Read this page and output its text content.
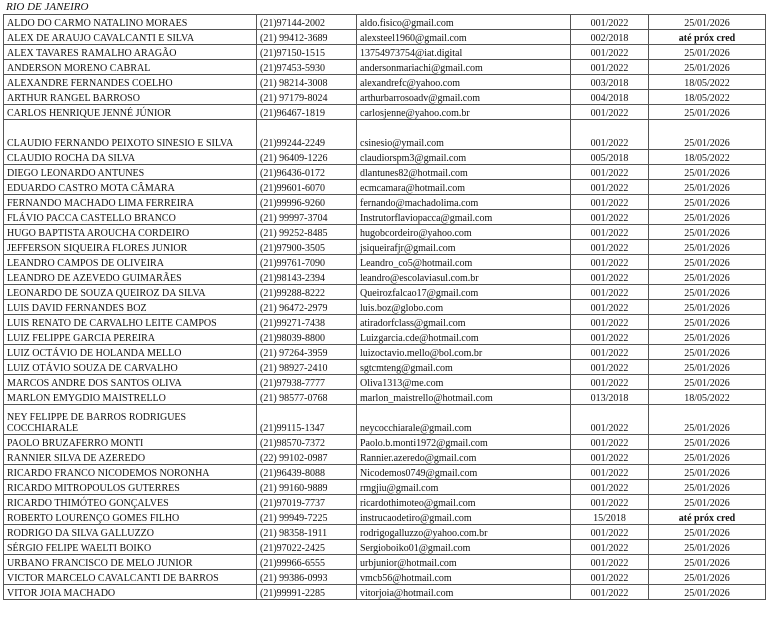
RIO DE JANEIRO
ALDO DO CARMO NATALINO MORAES	(21)97144-2002	aldo.fisico@gmail.com	001/2022	25/01/2026
ALEX DE ARAUJO CAVALCANTI E SILVA	(21) 99412-3689	alexsteel1960@gmail.com	002/2018	até próx cred
ALEX TAVARES RAMALHO ARAGÃO	(21)97150-1515	13754973754@iat.digital	001/2022	25/01/2026
ANDERSON MORENO CABRAL	(21)97453-5930	andersonmariachi@gmail.com	001/2022	25/01/2026
ALEXANDRE FERNANDES COELHO	(21) 98214-3008	alexandrefc@yahoo.com	003/2018	18/05/2022
ARTHUR RANGEL BARROSO	(21) 97179-8024	arthurbarrosoadv@gmail.com	004/2018	18/05/2022
CARLOS HENRIQUE JENNÉ JÚNIOR	(21)96467-1819	carlosjenne@yahoo.com.br	001/2022	25/01/2026
CLAUDIO FERNANDO PEIXOTO SINESIO E SILVA	(21)99244-2249	csinesio@ymail.com	001/2022	25/01/2026
CLAUDIO ROCHA DA SILVA	(21) 96409-1226	claudiorspm3@gmail.com	005/2018	18/05/2022
DIEGO LEONARDO ANTUNES	(21)96436-0172	dlantunes82@hotmail.com	001/2022	25/01/2026
EDUARDO CASTRO MOTA CÂMARA	(21)99601-6070	ecmcamara@hotmail.com	001/2022	25/01/2026
FERNANDO MACHADO LIMA FERREIRA	(21)99996-9260	fernando@machadolima.com	001/2022	25/01/2026
FLÁVIO PACCA CASTELLO BRANCO	(21) 99997-3704	Instrutorflaviopacca@gmail.com	001/2022	25/01/2026
HUGO BAPTISTA AROUCHA CORDEIRO	(21) 99252-8485	hugobcordeiro@yahoo.com	001/2022	25/01/2026
JEFFERSON SIQUEIRA FLORES JUNIOR	(21)97900-3505	jsiqueirafjr@gmail.com	001/2022	25/01/2026
LEANDRO CAMPOS DE OLIVEIRA	(21)99761-7090	Leandro_co5@hotmail.com	001/2022	25/01/2026
LEANDRO DE AZEVEDO GUIMARÃES	(21)98143-2394	leandro@escolaviasul.com.br	001/2022	25/01/2026
LEONARDO DE SOUZA QUEIROZ DA SILVA	(21)99288-8222	Queirozfalcao17@gmail.com	001/2022	25/01/2026
LUIS DAVID FERNANDES BOZ	(21) 96472-2979	luis.boz@globo.com	001/2022	25/01/2026
LUIS RENATO DE CARVALHO LEITE CAMPOS	(21)99271-7438	atiradorfclass@gmail.com	001/2022	25/01/2026
LUIZ FELIPPE GARCIA PEREIRA	(21)98039-8800	Luizgarcia.cde@hotmail.com	001/2022	25/01/2026
LUIZ OCTÁVIO DE HOLANDA MELLO	(21) 97264-3959	luizoctavio.mello@bol.com.br	001/2022	25/01/2026
LUIZ OTÁVIO SOUZA DE CARVALHO	(21) 98927-2410	sgtcmteng@gmail.com	001/2022	25/01/2026
MARCOS ANDRE DOS SANTOS OLIVA	(21)97938-7777	Oliva1313@me.com	001/2022	25/01/2026
MARLON EMYGDIO MAISTRELLO	(21) 98577-0768	marlon_maistrello@hotmail.com	013/2018	18/05/2022
NEY FELIPPE DE BARROS RODRIGUES COCCHIARALE	(21)99115-1347	neycocchiarale@gmail.com	001/2022	25/01/2026
PAOLO BRUZAFERRO MONTI	(21)98570-7372	Paolo.b.monti1972@gmail.com	001/2022	25/01/2026
RANNIER SILVA DE AZEREDO	(22) 99102-0987	Rannier.azeredo@gmail.com	001/2022	25/01/2026
RICARDO FRANCO NICODEMOS NORONHA	(21)96439-8088	Nicodemos0749@gmail.com	001/2022	25/01/2026
RICARDO MITROPOULOS GUTERRES	(21) 99160-9889	rmgjiu@gmail.com	001/2022	25/01/2026
RICARDO THIMÓTEO GONÇALVES	(21)97019-7737	ricardothimoteo@gmail.com	001/2022	25/01/2026
ROBERTO LOURENÇO GOMES FILHO	(21) 99949-7225	instrucaodetiro@gmail.com	15/2018	até próx cred
RODRIGO DA SILVA GALLUZZO	(21) 98358-1911	rodrigogalluzzo@yahoo.com.br	001/2022	25/01/2026
SÉRGIO FELIPE WAELTI BOIKO	(21)97022-2425	Sergioboiko01@gmail.com	001/2022	25/01/2026
URBANO FRANCISCO DE MELO JUNIOR	(21)99966-6555	urbjunior@hotmail.com	001/2022	25/01/2026
VICTOR MARCELO CAVALCANTI DE BARROS	(21) 99386-0993	vmcb56@hotmail.com	001/2022	25/01/2026
VITOR JOIA MACHADO	(21)99991-2285	vitorjoia@hotmail.com	001/2022	25/01/2026
